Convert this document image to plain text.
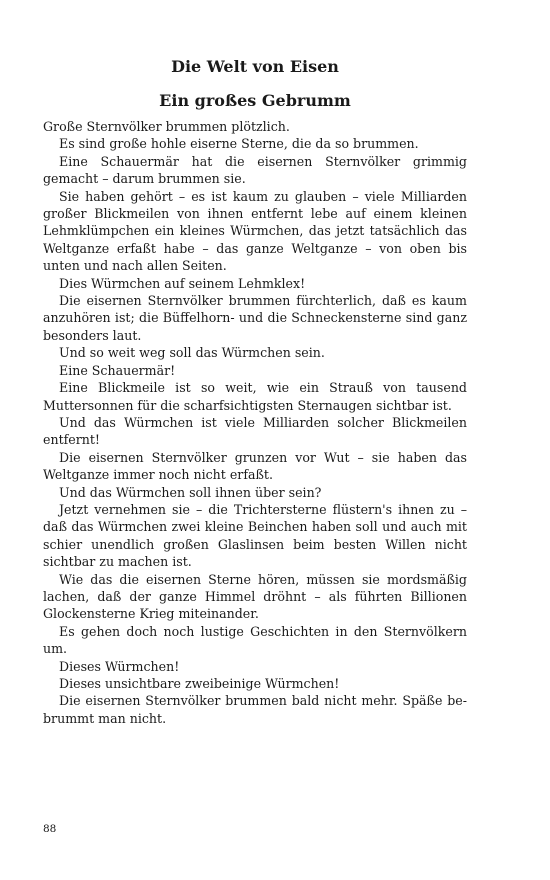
Die Welt von Eisen
Ein großes Gebrumm

Große Sternvölker brummen plötzlich.

Es sind große hohle eiserne Sterne, die da so brummen.

Eine Schauermär hat die eisernen Sternvölker grimmig gemacht – darum brummen sie.

Sie haben gehört – es ist kaum zu glauben – viele Milliarden großer Blickmeilen von ihnen entfernt lebe auf einem kleinen Lehmklümpchen ein kleines Würmchen, das jetzt tatsächlich das Weltganze erfaßt habe – das ganze Weltganze – von oben bis unten und nach allen Seiten.

Dies Würmchen auf seinem Lehmklex!

Die eisernen Sternvölker brummen fürchterlich, daß es kaum anzuhören ist; die Büffelhorn- und die Schneckensterne sind ganz besonders laut.

Und so weit weg soll das Würmchen sein.

Eine Schauermär!

Eine Blickmeile ist so weit, wie ein Strauß von tausend Muttersonnen für die scharfsichtigsten Sternaugen sichtbar ist.

Und das Würmchen ist viele Milliarden solcher Blickmeilen entfernt!

Die eisernen Sternvölker grunzen vor Wut – sie haben das Weltganze immer noch nicht erfaßt.

Und das Würmchen soll ihnen über sein?

Jetzt vernehmen sie – die Trichtersterne flüstern's ihnen zu – daß das Würmchen zwei kleine Beinchen haben soll und auch mit schier unendlich großen Glaslinsen beim besten Willen nicht sichtbar zu machen ist.

Wie das die eisernen Sterne hören, müssen sie mordsmäßig lachen, daß der ganze Himmel dröhnt – als führten Billionen Glockensterne Krieg miteinander.

Es gehen doch noch lustige Geschichten in den Sternvölkern um.

Dieses Würmchen!

Dieses unsichtbare zweibeinige Würmchen!

Die eisernen Sternvölker brummen bald nicht mehr. Späße bebrummt man nicht.

88
